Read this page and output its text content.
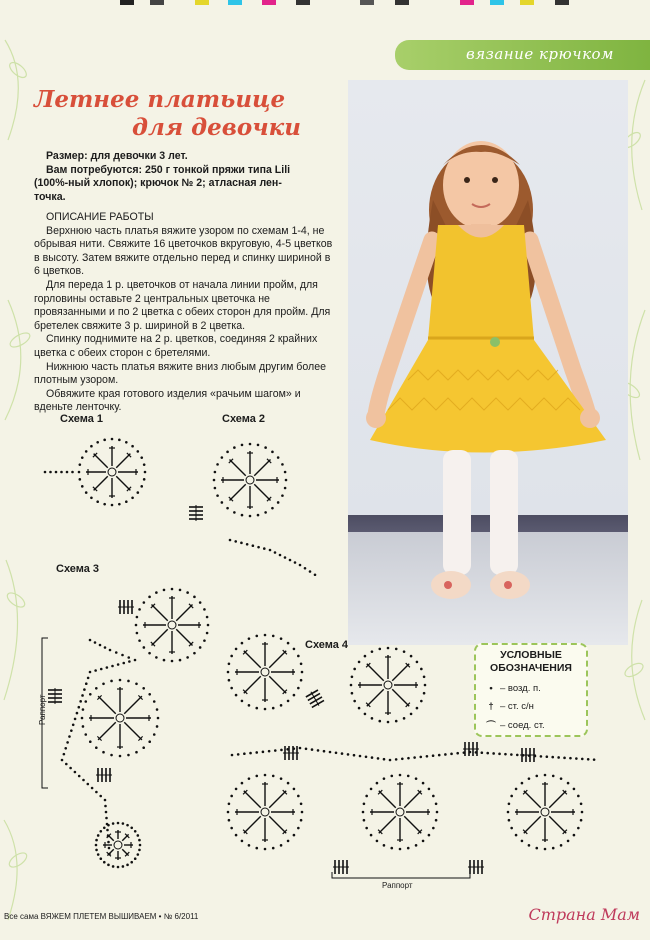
вязание крючком
Летнее платьице
для девочки

Размер: для девочки 3 лет.

Вам потребуются: 250 г тонкой пряжи типа Lili

(100%-ный хлопок); крючок № 2; атласная лен-

точка.

ОПИСАНИЕ РАБОТЫ

Верхнюю часть платья вяжите узором по схемам 1-4, не обрывая нити. Свяжите 16 цветочков вкруговую, 4-5 цветков в высоту. Затем вяжите отдельно перед и спинку шириной в 6 цветков.

Для переда 1 р. цветочков от начала линии пройм, для горловины оставьте 2 центральных цветочка не провязанными и по 2 цветка с обеих сторон для пройм. Для бретелек свяжите 3 р. шириной в 2 цветка.

Спинку поднимите на 2 р. цветков, соединяя 2 крайних цветка с обеих сторон с бретелями.

Нижнюю часть платья вяжите вниз любым другим более плотным узором.

Обвяжите края готового изделия «рачьим шагом» и вденьте ленточку.

Схема 1	Схема 2
Схема 3
Схема 4
Раппорт
Раппорт
УСЛОВНЫЕ
ОБОЗНАЧЕНИЯ
• – возд. п.
† – ст. с/н
⌒ – соед. ст.
Все сама ВЯЖЕМ ПЛЕТЕМ ВЫШИВАЕМ • № 6/2011	Страна Мам
